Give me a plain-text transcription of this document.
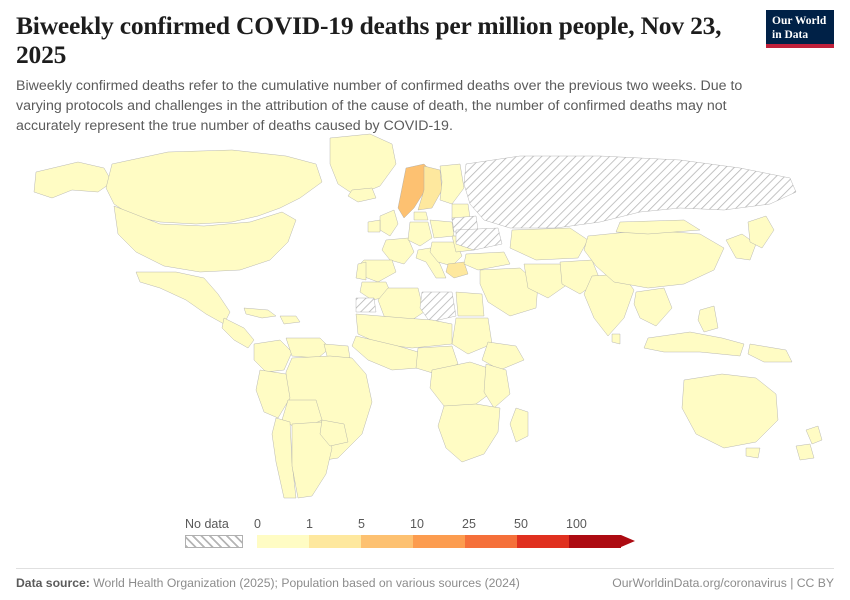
Biweekly confirmed COVID-19 deaths per million people, Nov 23, 2025

Biweekly confirmed deaths refer to the cumulative number of confirmed deaths over the previous two weeks. Due to varying protocols and challenges in the attribution of the cause of death, the number of confirmed deaths may not accurately represent the true number of deaths caused by COVID-19.

Our World
in Data
No data 0	1	5	10	25	50	100
Data source: World Health Organization (2025); Population based on various sources (2024)	OurWorldinData.org/coronavirus | CC BY
